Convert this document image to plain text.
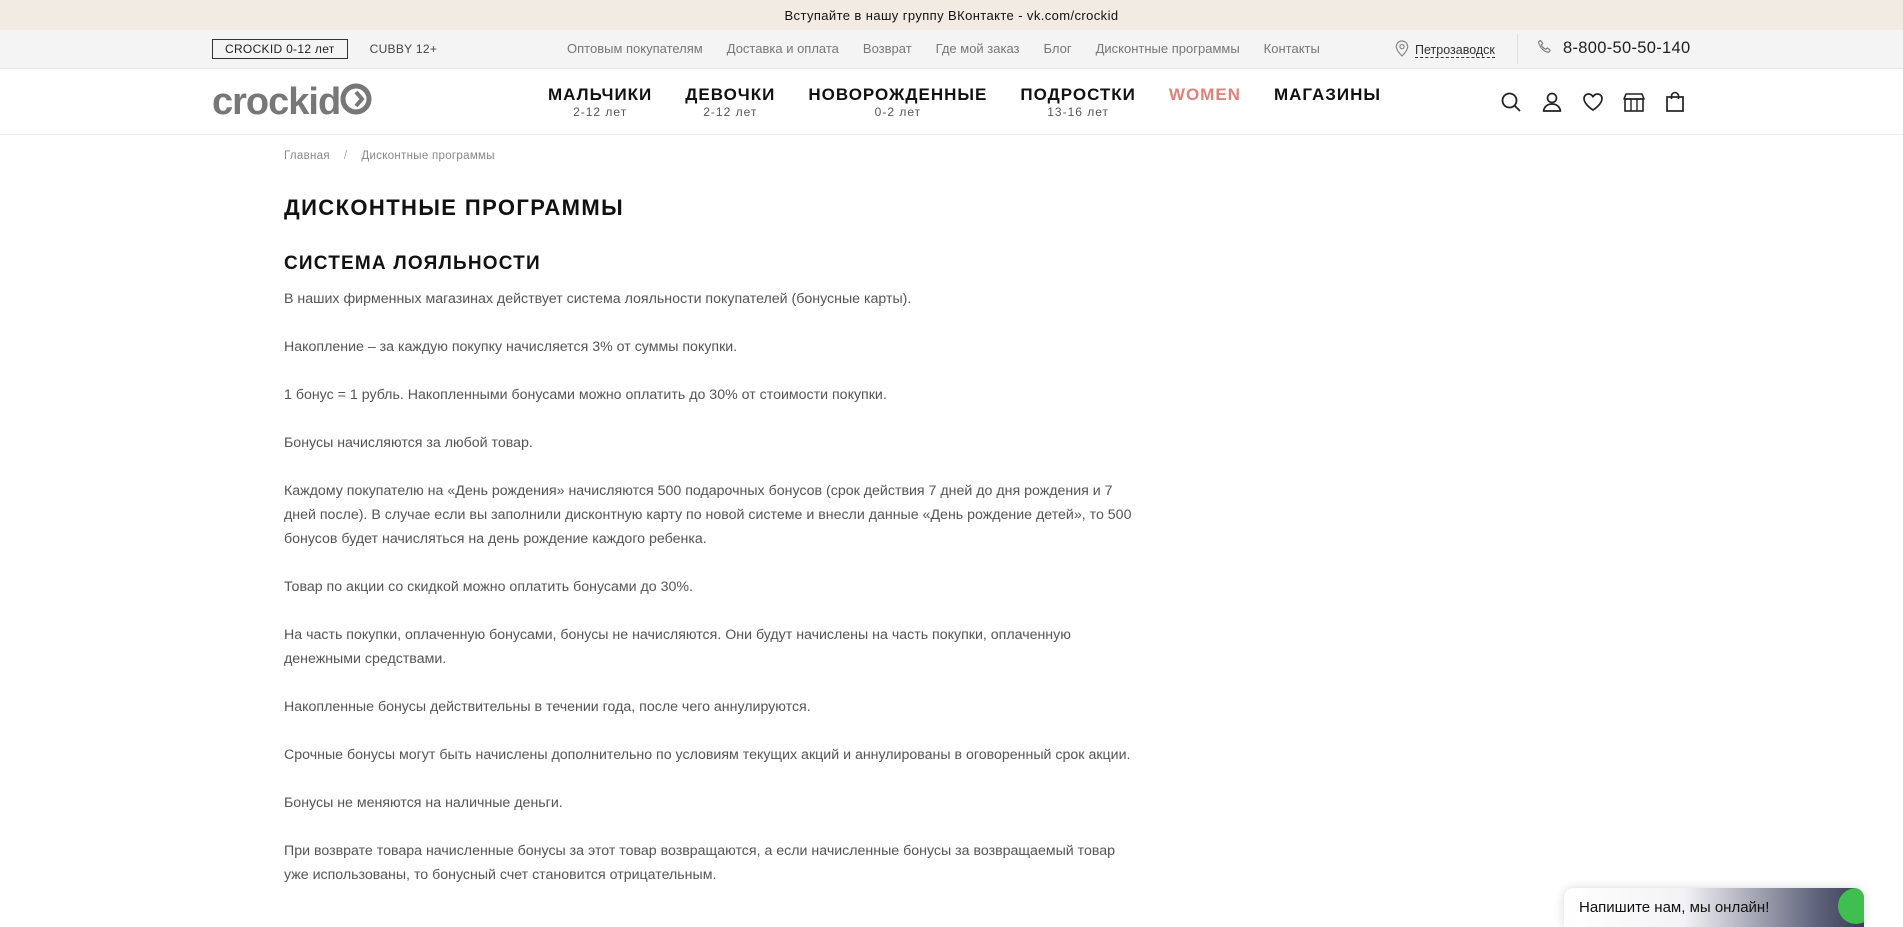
Вступайте в нашу группу ВКонтакте - vk.com/crockid
CROCKID 0-12 лет	CUBBY 12+	Оптовым покупателям Доставка и оплата Возврат Где мой заказ Блог Дисконтные программы Контакты	Петрозаводск	8-800-50-50-140
crockid	МАЛЬЧИКИ
2-12 лет
ДЕВОЧКИ
2-12 лет
НОВОРОЖДЕННЫЕ
0-2 лет
ПОДРОСТКИ
13-16 лет
WOMEN МАГАЗИНЫ
Главная / Дисконтные программы
ДИСКОНТНЫЕ ПРОГРАММЫ
СИСТЕМА ЛОЯЛЬНОСТИ

В наших фирменных магазинах действует система лояльности покупателей (бонусные карты).

Накопление – за каждую покупку начисляется 3% от суммы покупки.

1 бонус = 1 рубль. Накопленными бонусами можно оплатить до 30% от стоимости покупки.

Бонусы начисляются за любой товар.

Каждому покупателю на «День рождения» начисляются 500 подарочных бонусов (срок действия 7 дней до дня рождения и 7 дней после). В случае если вы заполнили дисконтную карту по новой системе и внесли данные «День рождение детей», то 500 бонусов будет начисляться на день рождение каждого ребенка.

Товар по акции со скидкой можно оплатить бонусами до 30%.

На часть покупки, оплаченную бонусами, бонусы не начисляются. Они будут начислены на часть покупки, оплаченную денежными средствами.

Накопленные бонусы действительны в течении года, после чего аннулируются.

Срочные бонусы могут быть начислены дополнительно по условиям текущих акций и аннулированы в оговоренный срок акции.

Бонусы не меняются на наличные деньги.

При возврате товара начисленные бонусы за этот товар возвращаются, а если начисленные бонусы за возвращаемый товар уже использованы, то бонусный счет становится отрицательным.

Напишите нам, мы онлайн!
